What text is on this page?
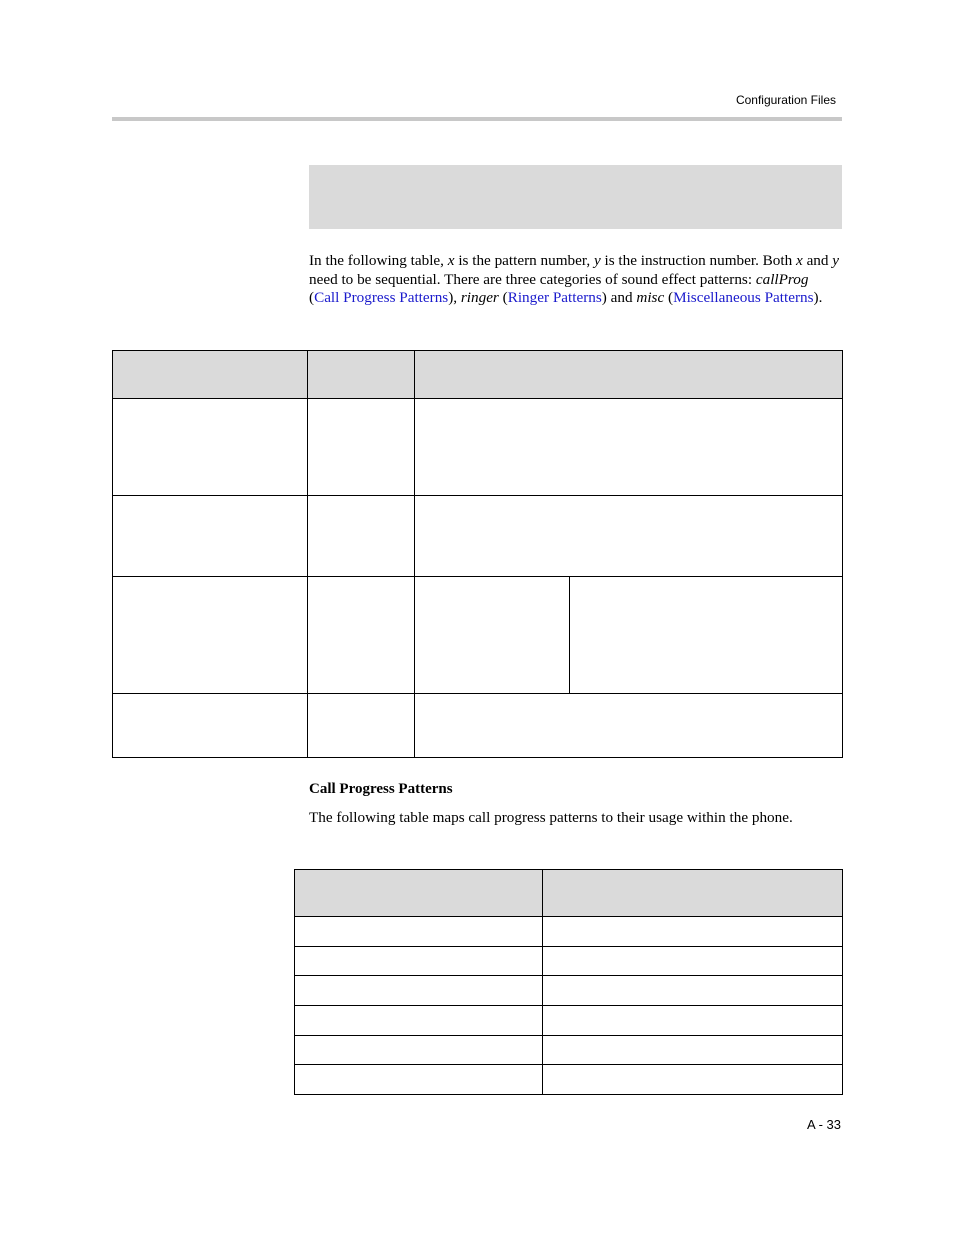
Configuration Files
In the following table, x is the pattern number, y is the instruction number. Both x and y need to be sequential. There are three categories of sound effect patterns: callProg (Call Progress Patterns), ringer (Ringer Patterns) and misc (Miscellaneous Patterns).

Call Progress Patterns
The following table maps call progress patterns to their usage within the phone.

A - 33
